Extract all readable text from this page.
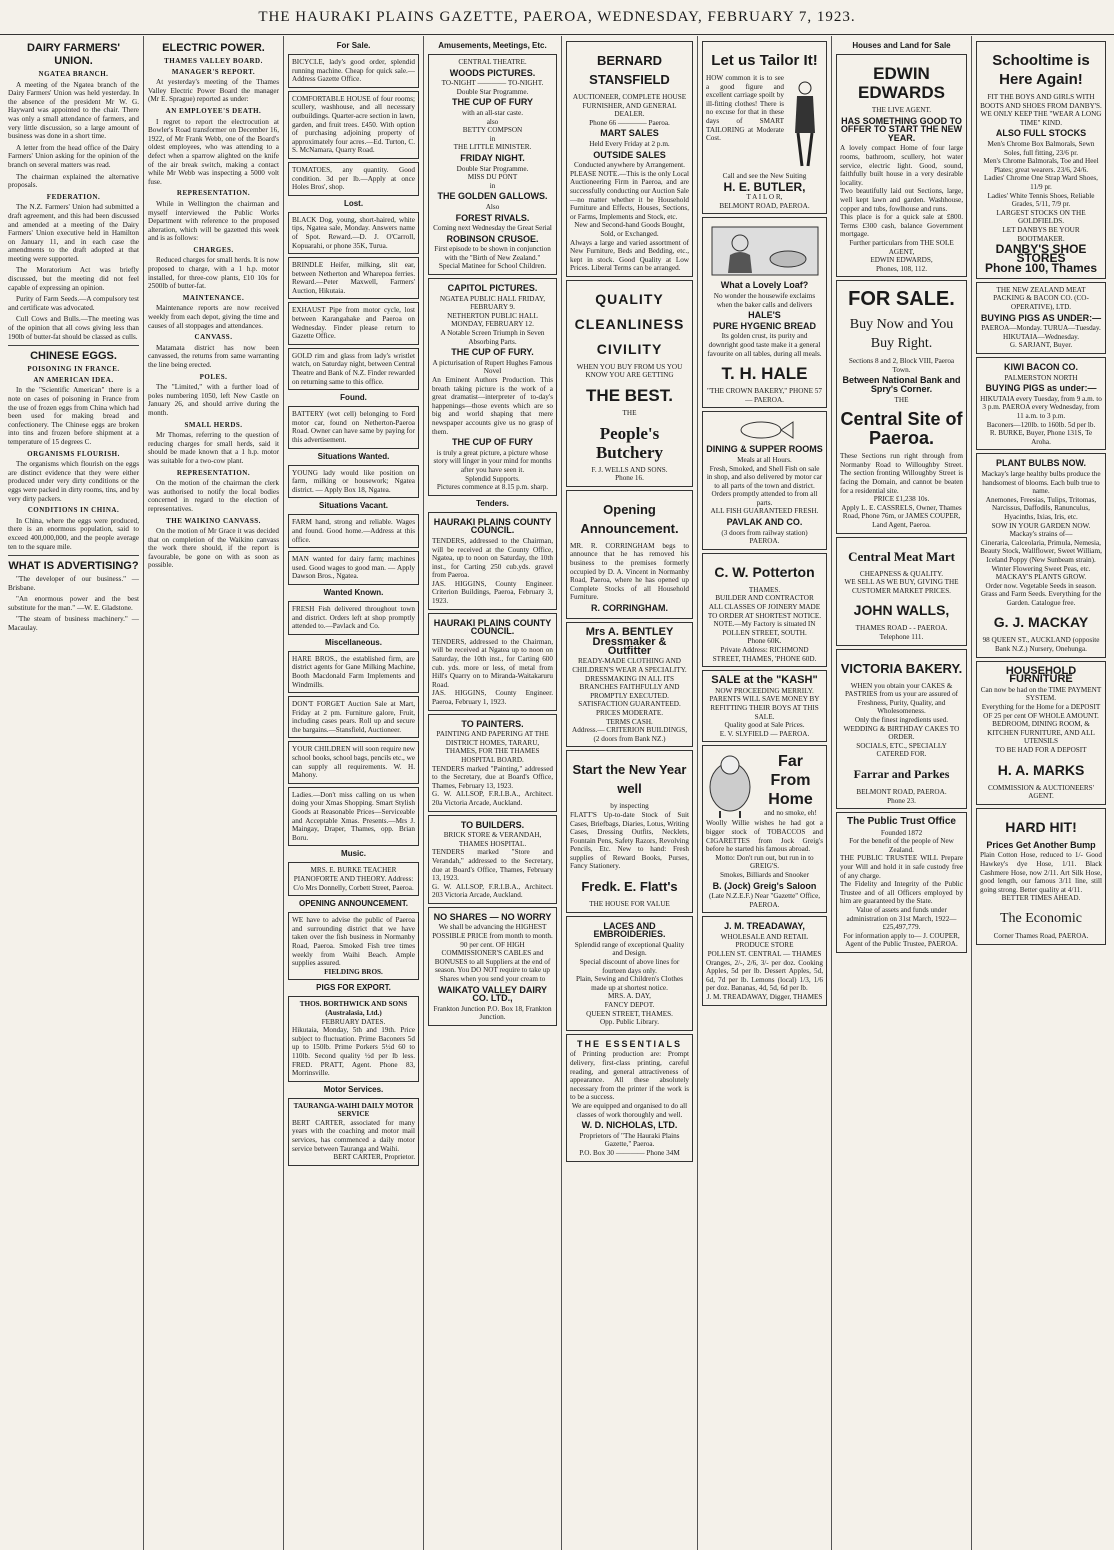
THE HAURAKI PLAINS GAZETTE, PAEROA, WEDNESDAY, FEBRUARY 7, 1923.
DAIRY FARMERS' UNION.
NGATEA BRANCH.

A meeting of the Ngatea branch of the Dairy Farmers' Union was held yesterday. In the absence of the president Mr W. G. Hayward was appointed to the chair. There was only a small attendance of farmers, and very little discussion, so a large amount of business was done in a short time.

A letter from the head office of the Dairy Farmers' Union asking for the opinion of the branch on several matters was read.

The chairman explained the alternative proposals.

FEDERATION.

The N.Z. Farmers' Union had submitted a draft agreement, and this had been discussed and amended at a meeting of the Dairy Farmers' Union executive held in Hamilton on January 11, and in each case the amendments to the draft adopted at that meeting were supported.

The Moratorium Act was briefly discussed, but the meeting did not feel capable of expressing an opinion.

Purity of Farm Seeds.—A compulsory test and certificate was advocated.

Cull Cows and Bulls.—The meeting was of the opinion that all cows giving less than 190lb of butter-fat should be classed as culls.

CHINESE EGGS.
POISONING IN FRANCE.
AN AMERICAN IDEA.

In the "Scientific American" there is a note on cases of poisoning in France from the use of frozen eggs from China which had been used for making bread and confectionery. The Chinese eggs are broken into tins and frozen before shipment at a temperature of 15 degrees C.

ORGANISMS FLOURISH.

The organisms which flourish on the eggs are distinct evidence that they were either produced under very dirty conditions or the eggs were packed in dirty rooms, tins, and by very dirty packers.

CONDITIONS IN CHINA.

In China, where the eggs were produced, there is an enormous population, said to exceed 400,000,000, and the people average ten to the square mile.

WHAT IS ADVERTISING?

"The developer of our business." —Brisbane.

"An enormous power and the best substitute for the man." —W. E. Gladstone.

"The steam of business machinery." —Macaulay.

ELECTRIC POWER.
THAMES VALLEY BOARD.
MANAGER'S REPORT.

At yesterday's meeting of the Thames Valley Electric Power Board the manager (Mr E. Sprague) reported as under:

AN EMPLOYEE'S DEATH.

I regret to report the electrocution at Bowler's Road transformer on December 16, 1922, of Mr Frank Webb, one of the Board's oldest employees, who was attending to a defect when a sparrow alighted on the knife of the air break switch, making a contact while Mr Webb was inspecting a 5000 volt fuse.

REPRESENTATION.

While in Wellington the chairman and myself interviewed the Public Works Department with reference to the proposed alteration, which will be gazetted this week and is as follows:

CHARGES.

Reduced charges for small herds. It is now proposed to charge, with a 1 h.p. motor installed, for three-cow plants, £10 10s for 2500lb of butter-fat.

MAINTENANCE.

Maintenance reports are now received weekly from each depot, giving the time and causes of all stoppages and attendances.

CANVASS.

Matamata district has now been canvassed, the returns from same warranting the line being erected.

POLES.

The "Limited," with a further load of poles numbering 1050, left New Castle on January 26, and should arrive during the month.

SMALL HERDS.

Mr Thomas, referring to the question of reducing charges for small herds, said it should be made known that a 1 h.p. motor was suitable for a two-cow plant.

REPRESENTATION.

On the motion of the chairman the clerk was authorised to notify the local bodies concerned in regard to the election of representatives.

THE WAIKINO CANVASS.

On the motion of Mr Grace it was decided that on completion of the Waikino canvass the work there should, if the report is favourable, be gone on with as soon as possible.

For Sale.
BICYCLE, lady's good order, splendid running machine. Cheap for quick sale.—Address Gazette Office.
COMFORTABLE HOUSE of four rooms; scullery, washhouse, and all necessary outbuildings. Quarter-acre section in lawn, garden, and fruit trees. £450. With option of purchasing adjoining property of approximately four acres.—Ed. Turton, C. S. McNamara, Quarry Road.
TOMATOES, any quantity. Good condition. 3d per lb.—Apply at once Holes Bros', shop.
Lost.
BLACK Dog, young, short-haired, white tips, Ngatea sale, Monday. Answers name of Spot. Reward.—D. J. O'Carroll, Kopuarahi, or phone 35K, Turua.
BRINDLE Heifer, milking, slit ear, between Netherton and Wharepoa ferries. Reward.—Peter Maxwell, Farmers' Auction, Hikutaia.
EXHAUST Pipe from motor cycle, lost between Karangahake and Paeroa on Wednesday. Finder please return to Gazette Office.
GOLD rim and glass from lady's wristlet watch, on Saturday night, between Central Theatre and Bank of N.Z. Finder rewarded on returning same to this office.
Found.
BATTERY (wet cell) belonging to Ford motor car, found on Netherton-Paeroa Road. Owner can have same by paying for this advertisement.
Situations Wanted.
YOUNG lady would like position on farm, milking or housework; Ngatea district. — Apply Box 18, Ngatea.
Situations Vacant.
FARM hand, strong and reliable. Wages and found. Good home.—Address at this office.
MAN wanted for dairy farm; machines used. Good wages to good man. — Apply Dawson Bros., Ngatea.
Wanted Known.
FRESH Fish delivered throughout town and district. Orders left at shop promptly attended to.—Pavlack and Co.
Miscellaneous.
HARE BROS., the established firm, are district agents for Gane Milking Machine, Booth Macdonald Farm Implements and Windmills.
DON'T FORGET Auction Sale at Mart, Friday at 2 pm. Furniture galore, Fruit, including cases pears. Roll up and secure the bargains.—Stansfield, Auctioneer.
YOUR CHILDREN will soon require new school books, school bags, pencils etc., we can supply all requirements. W. H. Mahony.
Ladies.—Don't miss calling on us when doing your Xmas Shopping. Smart Stylish Goods at Reasonable Prices—Serviceable and Acceptable Xmas. Presents.—Mrs J. Maingay, Draper, Thames, opp. Brian Boru.
Music.
MRS. E. BURKE TEACHER PIANOFORTE AND THEORY. Address: C/o Mrs Donnelly, Corbett Street, Paeroa.
OPENING ANNOUNCEMENT.
WE have to advise the public of Paeroa and surrounding district that we have taken over the fish business in Normanby Road, Paeroa. Smoked Fish tree times weekly from Waihi Beach. Ample supplies assured.
FIELDING BROS.
PIGS FOR EXPORT.
THOS. BORTHWICK AND SONS (Australasia, Ltd.)
FEBRUARY DATES.
Hikutaia, Monday, 5th and 19th. Price subject to fluctuation. Prime Baconers 5d up to 150lb. Prime Porkers 5½d 60 to 110lb. Second quality ½d per lb less. FRED. PRATT, Agent. Phone 83, Morrinsville.
Motor Services.
TAURANGA-WAIHI DAILY MOTOR SERVICE
BERT CARTER, associated for many years with the coaching and motor mail services, has commenced a daily motor service between Tauranga and Waihi.
BERT CARTER, Proprietor.
Amusements, Meetings, Etc.
CENTRAL THEATRE.
WOODS PICTURES.
TO-NIGHT ———— TO-NIGHT.
Double Star Programme.
THE CUP OF FURY
with an all-star caste.
also
BETTY COMPSON
in
THE LITTLE MINISTER.
FRIDAY NIGHT.
Double Star Programme.
MISS DU PONT
in
THE GOLDEN GALLOWS.
Also
FOREST RIVALS.
Coming next Wednesday the Great Serial
ROBINSON CRUSOE.
First episode to be shown in conjunction with the "Birth of New Zealand."
Special Matinee for School Children.
CAPITOL PICTURES.
NGATEA PUBLIC HALL FRIDAY, FEBRUARY 9.
NETHERTON PUBLIC HALL MONDAY, FEBRUARY 12.
A Notable Screen Triumph in Seven Absorbing Parts.
THE CUP OF FURY.
A picturisation of Rupert Hughes Famous Novel
An Eminent Authors Production. This breath taking picture is the work of a great dramatist—interpreter of to-day's happenings—those events which are so big and world shaping that mere newspaper accounts give us no grasp of them.
THE CUP OF FURY
is truly a great picture, a picture whose story will linger in your mind for months after you have seen it.
Splendid Supports.
Pictures commence at 8.15 p.m. sharp.
Tenders.
HAURAKI PLAINS COUNTY COUNCIL.
TENDERS, addressed to the Chairman, will be received at the County Office, Ngatea, up to noon on Saturday, the 10th inst., for Carting 250 cub.yds. gravel from Paeroa.
JAS. HIGGINS, County Engineer. Criterion Buildings, Paeroa, February 3, 1923.
HAURAKI PLAINS COUNTY COUNCIL.
TENDERS, addressed to the Chairman, will be received at Ngatea up to noon on Saturday, the 10th inst., for Carting 600 cub. yds. more or less, of metal from Hill's Quarry on to Miranda-Waitakaruru Road.
JAS. HIGGINS, County Engineer. Paeroa, February 1, 1923.
TO PAINTERS.
PAINTING AND PAPERING AT THE DISTRICT HOMES, TARARU, THAMES, FOR THE THAMES HOSPITAL BOARD.
TENDERS marked "Painting," addressed to the Secretary, due at Board's Office, Thames, February 13, 1923.
G. W. ALLSOP, F.R.I.B.A., Architect. 20a Victoria Arcade, Auckland.
TO BUILDERS.
BRICK STORE & VERANDAH, THAMES HOSPITAL.
TENDERS marked "Store and Verandah," addressed to the Secretary, due at Board's Office, Thames, February 13, 1923.
G. W. ALLSOP, F.R.I.B.A., Architect. 203 Victoria Arcade, Auckland.
NO SHARES — NO WORRY
We shall be advancing the HIGHEST POSSIBLE PRICE from month to month. 90 per cent. OF HIGH COMMISSIONER'S CABLES and BONUSES to all Suppliers at the end of season. You DO NOT require to take up Shares when you send your cream to
WAIKATO VALLEY DAIRY CO. LTD.,
Frankton Junction P.O. Box 18, Frankton Junction.
BERNARD STANSFIELD
AUCTIONEER, COMPLETE HOUSE FURNISHER, AND GENERAL DEALER.
Phone 66 ———— Paeroa.
MART SALES
Held Every Friday at 2 p.m.
OUTSIDE SALES
Conducted anywhere by Arrangement.
PLEASE NOTE.—This is the only Local Auctioneering Firm in Paeroa, and are successfully conducting our Auction Sale—no matter whether it be Household Furniture and Effects, Houses, Sections, or Farms, Implements and Stock, etc.
New and Second-hand Goods Bought, Sold, or Exchanged.
Always a large and varied assortment of New Furniture, Beds and Bedding, etc., kept in stock. Good Quality at Low Prices. Liberal Terms can be arranged.
QUALITY
CLEANLINESS
CIVILITY
WHEN YOU BUY FROM US YOU KNOW YOU ARE GETTING
THE BEST.
THE
People's Butchery
F. J. WELLS AND SONS.
Phone 16.
Opening Announcement.
MR. R. CORRINGHAM begs to announce that he has removed his business to the premises formerly occupied by D. A. Vincent in Normanby Road, Paeroa, where he has opened up Complete Stocks of all Household Furniture.
R. CORRINGHAM.
Mrs A. BENTLEY
Dressmaker & Outfitter
READY-MADE CLOTHING AND CHILDREN'S WEAR A SPECIALITY.
DRESSMAKING IN ALL ITS BRANCHES FAITHFULLY AND PROMPTLY EXECUTED.
SATISFACTION GUARANTEED.
PRICES MODERATE.
TERMS CASH.
Address.— CRITERION BUILDINGS, (2 doors from Bank NZ.)
Start the New Year well
by inspecting
FLATT'S Up-to-date Stock of Suit Cases, Briefbags, Diaries, Lotus, Writing Cases, Dressing Outfits, Necklets, Fountain Pens, Safety Razors, Revolving Pencils, Etc. New to hand: Fresh supplies of Reward Books, Purses, Fancy Stationery.
Fredk. E. Flatt's
THE HOUSE FOR VALUE
LACES AND EMBROIDERIES.
Splendid range of exceptional Quality and Design.
Special discount of above lines for fourteen days only.
Plain, Sewing and Children's Clothes made up at shortest notice.
MRS. A. DAY,
FANCY DEPOT.
QUEEN STREET, THAMES.
Opp. Public Library.
THE ESSENTIALS
of Printing production are: Prompt delivery, first-class printing, careful reading, and general attractiveness of appearance. All these absolutely necessary from the printer if the work is to be a success.
We are equipped and organised to do all classes of work thoroughly and well.
W. D. NICHOLAS, LTD.
Proprietors of "The Hauraki Plains Gazette," Paeroa.
P.O. Box 30 ———— Phone 34M
Let us Tailor It!
HOW common it is to see a good figure and excellent carriage spoilt by ill-fitting clothes! There is no excuse for that in these days of SMART TAILORING at Moderate Cost.
Call and see the New Suiting
H. E. BUTLER,
T A I L O R,
BELMONT ROAD, PAEROA.
What a Lovely Loaf?
No wonder the housewife exclaims when the baker calls and delivers
HALE'S
PURE HYGENIC BREAD
Its golden crust, its purity and downright good taste make it a general favourite on all tables, during all meals.
T. H. HALE
"THE CROWN BAKERY," PHONE 57 — PAEROA.
DINING & SUPPER ROOMS
Meals at all Hours.
Fresh, Smoked, and Shell Fish on sale in shop, and also delivered by motor car to all parts of the town and district. Orders promptly attended to from all parts.
ALL FISH GUARANTEED FRESH.
PAVLAK AND CO.
(3 doors from railway station) PAEROA.
C. W. Potterton
THAMES.
BUILDER AND CONTRACTOR
ALL CLASSES OF JOINERY MADE TO ORDER AT SHORTEST NOTICE.
NOTE.—My Factory is situated IN POLLEN STREET, SOUTH.
Phone 60K.
Private Address: RICHMOND STREET, THAMES, 'PHONE 60D.
SALE at the "KASH"
NOW PROCEEDING MERRILY.
PARENTS WILL SAVE MONEY BY REFITTING THEIR BOYS AT THIS SALE.
Quality good at Sale Prices.
E. V. SLYFIELD — PAEROA.
Far
From
Home
and no smoke, eh!
Woolly Willie wishes he had got a bigger stock of TOBACCOS and CIGARETTES from Jock Greig's before he started his famous abroad.
Motto: Don't run out, but run in to GREIG'S.
Smokes, Billiards and Snooker
B. (Jock) Greig's Saloon
(Late N.Z.E.F.) Near "Gazette" Office, PAEROA.
J. M. TREADAWAY,
WHOLESALE AND RETAIL PRODUCE STORE
POLLEN ST. CENTRAL — THAMES
Oranges, 2/-, 2/6, 3/- per doz. Cooking Apples, 5d per lb. Dessert Apples, 5d, 6d, 7d per lb. Lemons (local) 1/3, 1/6 per doz. Bananas, 4d, 5d, 6d per lb.
J. M. TREADAWAY, Digger, THAMES
Houses and Land for Sale
EDWIN EDWARDS
THE LIVE AGENT.
HAS SOMETHING GOOD TO OFFER TO START THE NEW YEAR.
A lovely compact Home of four large rooms, bathroom, scullery, hot water service, electric light. Good, sound, faithfully built house in a very desirable locality.
Two beautifully laid out Sections, large, well kept lawn and garden. Washhouse, copper and tubs, fowlhouse and runs.
This place is for a quick sale at £800. Terms £300 cash, balance Government mortgage.
Further particulars from THE SOLE AGENT,
EDWIN EDWARDS,
Phones, 108, 112.
FOR SALE.
Buy Now and You Buy Right.
Sections 8 and 2, Block VIII, Paeroa Town.
Between National Bank and Spry's Corner.
THE
Central Site of Paeroa.
These Sections run right through from Normanby Road to Willoughby Street. The section fronting Willoughby Street is facing the Domain, and cannot be beaten for a residential site.
PRICE £1,238 10s.
Apply L. E. CASSRELS, Owner, Thames Road, Phone 76m, or JAMES COUPER, Land Agent, Paeroa.
Central Meat Mart
CHEAPNESS & QUALITY.
WE SELL AS WE BUY, GIVING THE CUSTOMER MARKET PRICES.
JOHN WALLS,
THAMES ROAD - - PAEROA.
Telephone 111.
VICTORIA BAKERY.
WHEN you obtain your CAKES & PASTRIES from us your are assured of Freshness, Purity, Quality, and Wholesomeness.
Only the finest ingredients used.
WEDDING & BIRTHDAY CAKES TO ORDER.
SOCIALS, ETC., SPECIALLY CATERED FOR.
Farrar and Parkes
BELMONT ROAD, PAEROA.
Phone 23.
The Public Trust Office
Founded 1872
For the benefit of the people of New Zealand.
THE PUBLIC TRUSTEE WILL Prepare your Will and hold it in safe custody free of any charge.
The Fidelity and Integrity of the Public Trustee and of all Officers employed by him are guaranteed by the State.
Value of assets and funds under administration on 31st March, 1922—£25,497,779.
For information apply to— J. COUPER, Agent of the Public Trustee, PAEROA.
Schooltime is Here Again!
FIT THE BOYS AND GIRLS WITH BOOTS AND SHOES FROM DANBY'S.
WE ONLY KEEP THE "WEAR A LONG TIME" KIND.
ALSO FULL STOCKS
Men's Chrome Box Balmorals, Sewn Soles, full fitting, 23/6 pr.
Men's Chrome Balmorals, Toe and Heel Plates; great wearers. 23/6, 24/6.
Ladies' Chrome One Strap Ward Shoes, 11/9 pr.
Ladies' White Tennis Shoes, Reliable Grades, 5/11, 7/9 pr.
LARGEST STOCKS ON THE GOLDFIELDS.
LET DANBYS BE YOUR BOOTMAKER.
DANBY'S SHOE STORES
Phone 100, Thames
THE NEW ZEALAND MEAT PACKING & BACON CO. (CO-OPERATIVE), LTD.
BUYING PIGS AS UNDER:—
PAEROA—Monday. TURUA—Tuesday. HIKUTAIA—Wednesday.
G. SARJANT, Buyer.
KIWI BACON CO.
PALMERSTON NORTH
BUYING PIGS as under:—
HIKUTAIA every Tuesday, from 9 a.m. to 3 p.m. PAEROA every Wednesday, from 11 a.m. to 3 p.m.
Baconers—120lb. to 160lb. 5d per lb.
R. BURKE, Buyer, Phone 131S, Te Aroha.
PLANT BULBS NOW.
Mackay's large healthy bulbs produce the handsomest of blooms. Each bulb true to name.
Anemones, Freesias, Tulips, Tritomas, Narcissus, Daffodils, Ranunculus, Hyacinths, Ixias, Iris, etc.
SOW IN YOUR GARDEN NOW. Mackay's strains of—
Cineraria, Calceolaria, Primula, Nemesia, Beauty Stock, Wallflower, Sweet William, Iceland Poppy (New Sunbeam strain). Winter Flowering Sweet Peas, etc.
MACKAY'S PLANTS GROW.
Order now. Vegetable Seeds in season. Grass and Farm Seeds. Everything for the Garden. Catalogue free.
G. J. MACKAY
98 QUEEN ST., AUCKLAND (opposite Bank N.Z.) Nursery, Onehunga.
HOUSEHOLD FURNITURE
Can now be had on the TIME PAYMENT SYSTEM.
Everything for the Home for a DEPOSIT OF 25 per cent OF WHOLE AMOUNT.
BEDROOM, DINING ROOM, & KITCHEN FURNITURE, AND ALL UTENSILS
TO BE HAD FOR A DEPOSIT
H. A. MARKS
COMMISSION & AUCTIONEERS' AGENT.
HARD HIT!
Prices Get Another Bump
Plain Cotton Hose, reduced to 1/- Good Hawkey's dye Hose, 1/11. Black Cashmere Hose, now 2/11. Art Silk Hose, good length, our famous 3/11 line, still going strong. Better quality at 4/11.
BETTER TIMES AHEAD.
The Economic
Corner Thames Road, PAEROA.
